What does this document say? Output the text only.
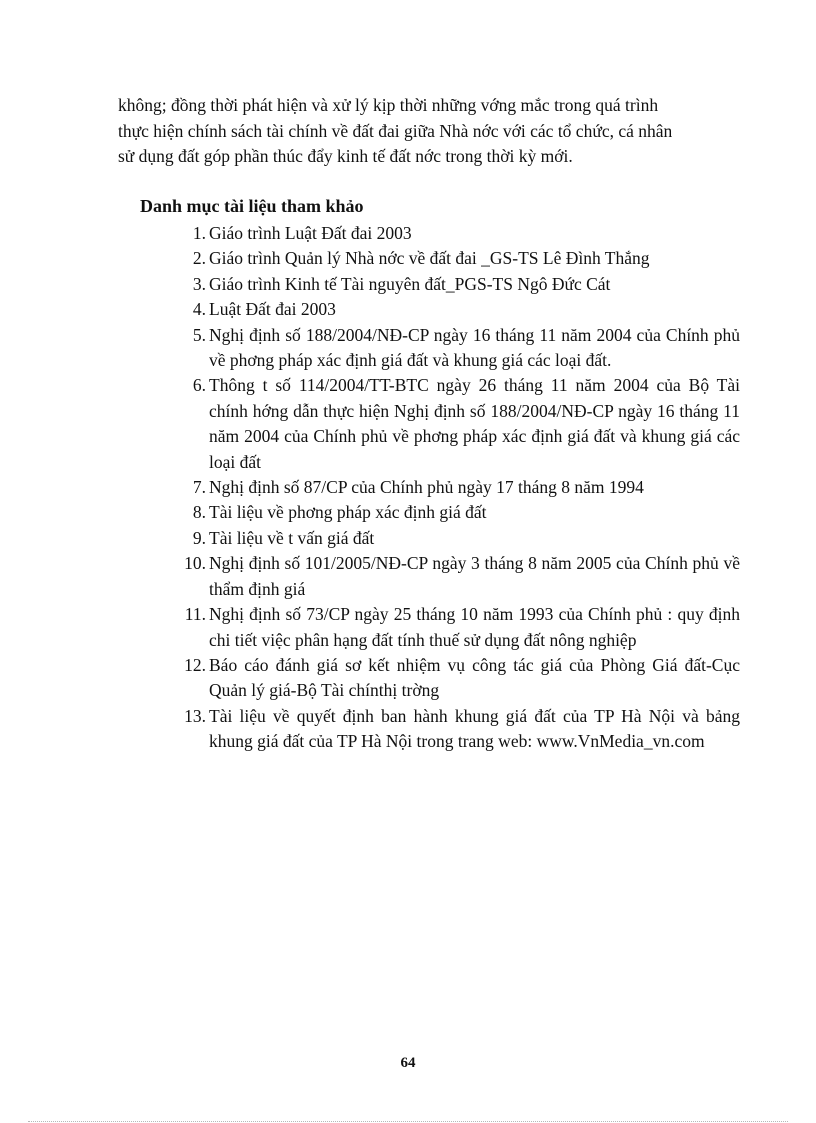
không; đồng thời phát hiện và xử lý kịp thời những vớng mắc trong quá trình
thực hiện chính sách tài chính về đất đai giữa Nhà nớc với các tổ chức, cá nhân
sử dụng đất góp phần thúc đẩy kinh tế đất nớc trong thời kỳ mới.
Danh mục tài liệu tham khảo
1. Giáo trình Luật Đất đai 2003
2. Giáo trình Quản lý Nhà nớc về đất đai _GS-TS Lê Đình Thắng
3. Giáo trình Kinh tế Tài nguyên đất_PGS-TS Ngô Đức Cát
4. Luật Đất đai 2003
5. Nghị định số 188/2004/NĐ-CP ngày 16 tháng 11 năm 2004 của Chính phủ về phơng pháp xác định giá đất và khung giá các loại đất.
6. Thông t số 114/2004/TT-BTC ngày 26 tháng 11 năm 2004 của Bộ Tài chính hớng dẫn thực hiện Nghị định số 188/2004/NĐ-CP ngày 16 tháng 11 năm 2004 của Chính phủ về phơng pháp xác định giá đất và khung giá các loại đất
7. Nghị định số 87/CP của Chính phủ ngày 17 tháng 8 năm 1994
8. Tài liệu về phơng pháp xác định giá đất
9. Tài liệu về t vấn giá đất
10. Nghị định số 101/2005/NĐ-CP ngày 3 tháng 8 năm 2005 của Chính phủ về thẩm định giá
11. Nghị định số 73/CP ngày 25 tháng 10 năm 1993 của Chính phủ : quy định chi tiết việc phân hạng đất tính thuế sử dụng đất nông nghiệp
12. Báo cáo đánh giá sơ kết nhiệm vụ công tác giá của Phòng Giá đất-Cục Quản lý giá-Bộ Tài chínthị trờng
13. Tài liệu về quyết định ban hành khung giá đất của TP Hà Nội và bảng khung giá đất của TP Hà Nội trong trang web: www.VnMedia_vn.com
64
